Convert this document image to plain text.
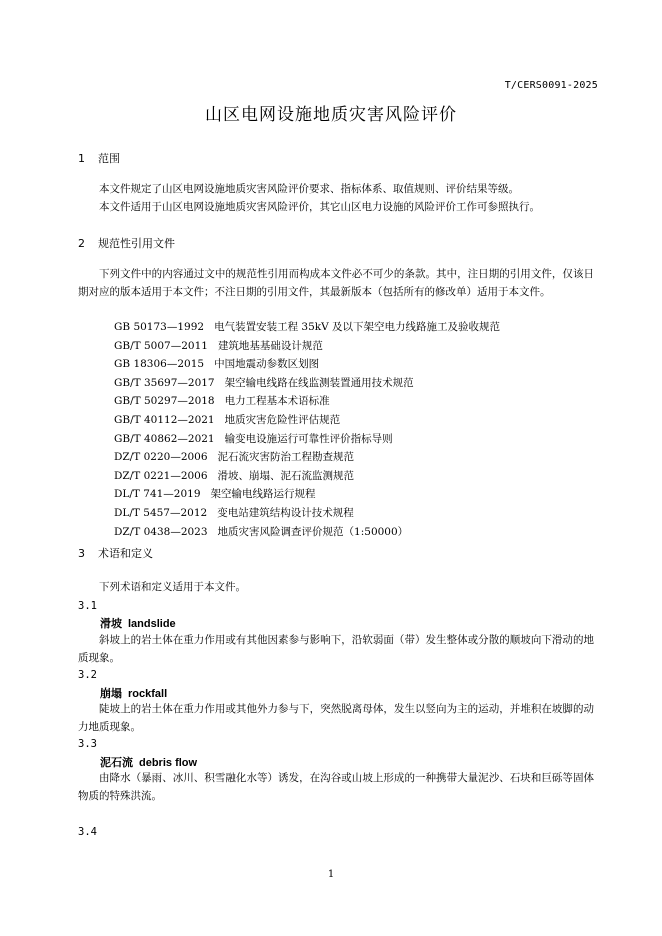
T/CERS0091-2025
山区电网设施地质灾害风险评价
1 范围
本文件规定了山区电网设施地质灾害风险评价要求、指标体系、取值规则、评价结果等级。
本文件适用于山区电网设施地质灾害风险评价，其它山区电力设施的风险评价工作可参照执行。
2 规范性引用文件
下列文件中的内容通过文中的规范性引用而构成本文件必不可少的条款。其中，注日期的引用文件，仅该日期对应的版本适用于本文件；不注日期的引用文件，其最新版本（包括所有的修改单）适用于本文件。
GB 50173—1992 电气装置安装工程 35kV 及以下架空电力线路施工及验收规范
GB/T 5007—2011 建筑地基基础设计规范
GB 18306—2015 中国地震动参数区划图
GB/T 35697—2017 架空输电线路在线监测装置通用技术规范
GB/T 50297—2018 电力工程基本术语标准
GB/T 40112—2021 地质灾害危险性评估规范
GB/T 40862—2021 输变电设施运行可靠性评价指标导则
DZ/T 0220—2006 泥石流灾害防治工程勘查规范
DZ/T 0221—2006 滑坡、崩塌、泥石流监测规范
DL/T 741—2019 架空输电线路运行规程
DL/T 5457—2012 变电站建筑结构设计技术规程
DZ/T 0438—2023 地质灾害风险调查评价规范（1:50000）
3 术语和定义
下列术语和定义适用于本文件。
3.1
滑坡 landslide
斜坡上的岩土体在重力作用或有其他因素参与影响下，沿软弱面（带）发生整体或分散的顺坡向下滑动的地质现象。
3.2
崩塌 rockfall
陡坡上的岩土体在重力作用或其他外力参与下，突然脱离母体，发生以竖向为主的运动，并堆积在坡脚的动力地质现象。
3.3
泥石流 debris flow
由降水（暴雨、冰川、积雪融化水等）诱发，在沟谷或山坡上形成的一种携带大量泥沙、石块和巨砾等固体物质的特殊洪流。
3.4
1
